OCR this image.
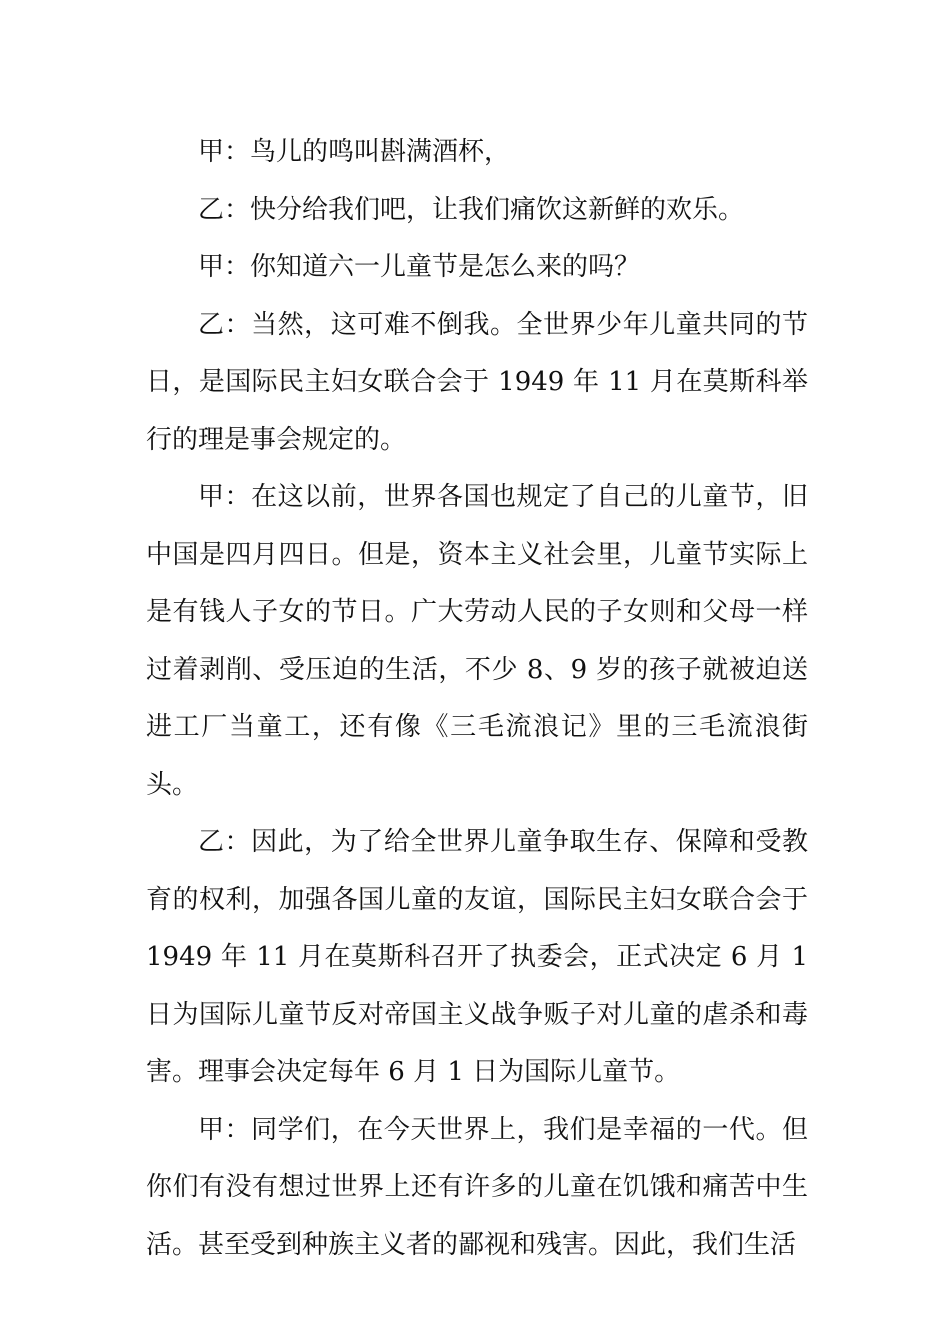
甲：鸟儿的鸣叫斟满酒杯，

乙：快分给我们吧，让我们痛饮这新鲜的欢乐。

甲：你知道六一儿童节是怎么来的吗？

乙：当然，这可难不倒我。全世界少年儿童共同的节日，是国际民主妇女联合会于 1949 年 11 月在莫斯科举行的理是事会规定的。

甲：在这以前，世界各国也规定了自己的儿童节，旧中国是四月四日。但是，资本主义社会里，儿童节实际上是有钱人子女的节日。广大劳动人民的子女则和父母一样过着剥削、受压迫的生活，不少 8、9 岁的孩子就被迫送进工厂当童工，还有像《三毛流浪记》里的三毛流浪街头。

乙：因此，为了给全世界儿童争取生存、保障和受教育的权利，加强各国儿童的友谊，国际民主妇女联合会于 1949 年 11 月在莫斯科召开了执委会，正式决定 6 月 1 日为国际儿童节反对帝国主义战争贩子对儿童的虐杀和毒害。理事会决定每年 6 月 1 日为国际儿童节。

甲：同学们，在今天世界上，我们是幸福的一代。但你们有没有想过世界上还有许多的儿童在饥饿和痛苦中生活。甚至受到种族主义者的鄙视和残害。因此，我们生活
